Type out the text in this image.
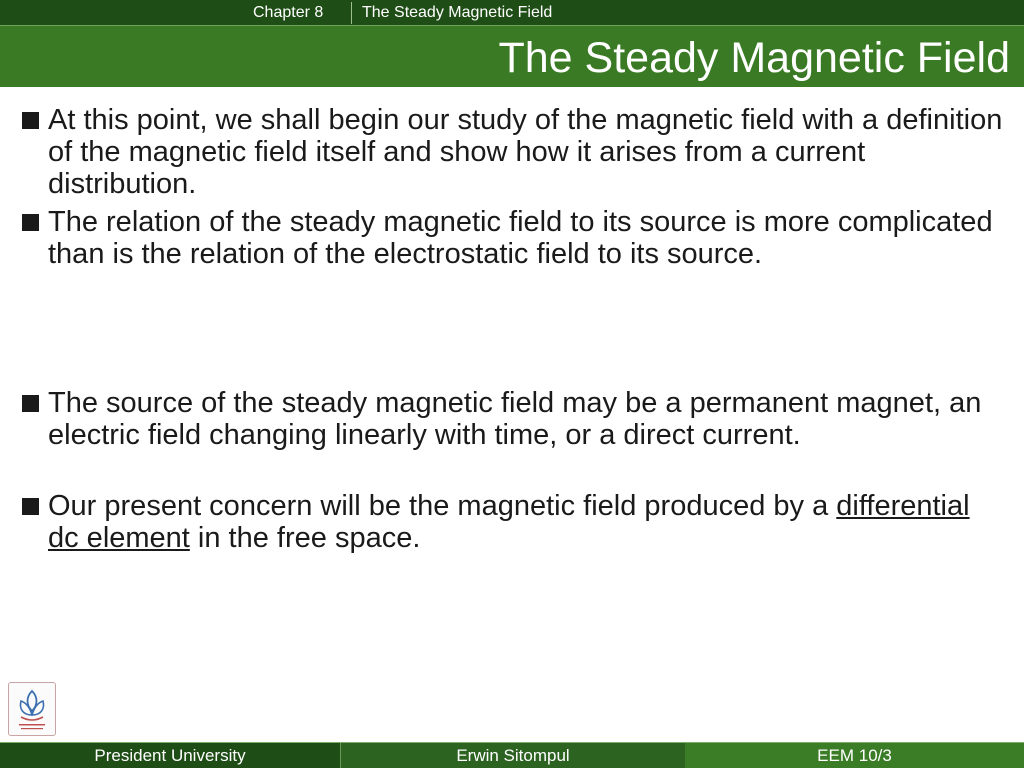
Chapter 8 The Steady Magnetic Field
The Steady Magnetic Field
At this point, we shall begin our study of the magnetic field with a definition of the magnetic field itself and show how it arises from a current distribution.
The relation of the steady magnetic field to its source is more complicated than is the relation of the electrostatic field to its source.
The source of the steady magnetic field may be a permanent magnet, an electric field changing linearly with time, or a direct current.
Our present concern will be the magnetic field produced by a differential dc element in the free space.
President University	Erwin Sitompul	EEM 10/3
